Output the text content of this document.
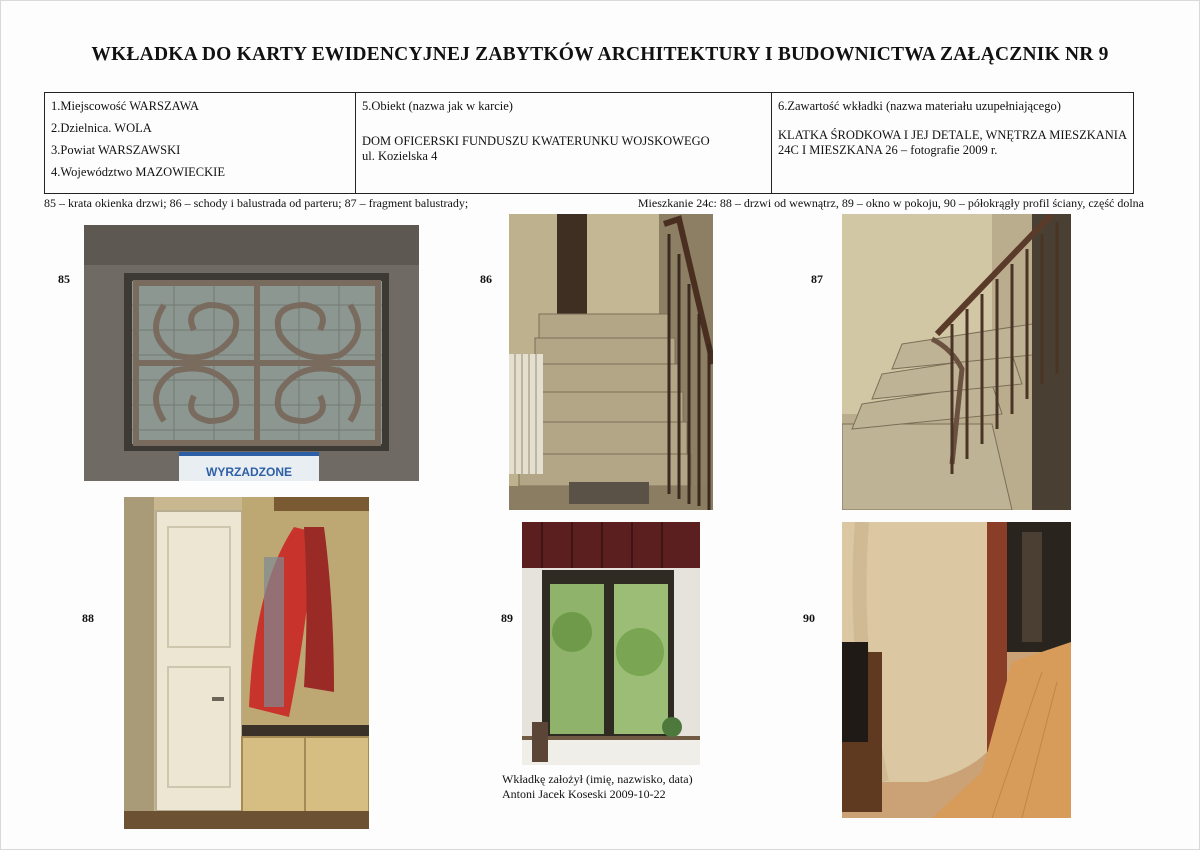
WKŁADKA DO KARTY EWIDENCYJNEJ ZABYTKÓW ARCHITEKTURY I BUDOWNICTWA ZAŁĄCZNIK NR 9
1.Miejscowość WARSZAWA
2.Dzielnica. WOLA
3.Powiat WARSZAWSKI
4.Województwo MAZOWIECKIE
5.Obiekt (nazwa jak w karcie)
DOM OFICERSKI FUNDUSZU KWATERUNKU WOJSKOWEGO
ul. Kozielska 4
6.Zawartość wkładki (nazwa materiału uzupełniającego)
KLATKA ŚRODKOWA I JEJ DETALE, WNĘTRZA MIESZKANIA 24C I MIESZKANA 26 – fotografie 2009 r.
85 – krata okienka drzwi; 86 – schody i balustrada od parteru; 87 – fragment balustrady;	Mieszkanie 24c: 88 – drzwi od wewnątrz, 89 – okno w pokoju, 90 – półokrągły profil ściany, część dolna
85	86	87
88	89	90
WYRZADZONE
Wkładkę założył (imię, nazwisko, data)
Antoni Jacek Koseski 2009-10-22
